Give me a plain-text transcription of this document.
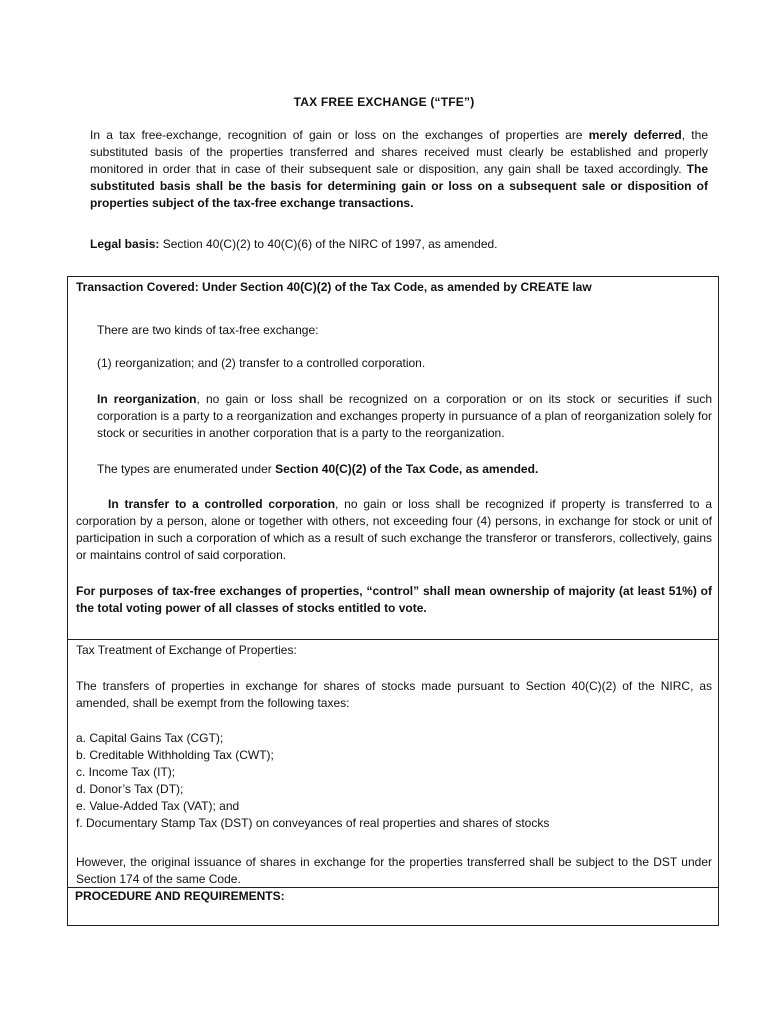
TAX FREE EXCHANGE (“TFE”)
In a tax free-exchange, recognition of gain or loss on the exchanges of properties are merely deferred, the substituted basis of the properties transferred and shares received must clearly be established and properly monitored in order that in case of their subsequent sale or disposition, any gain shall be taxed accordingly. The substituted basis shall be the basis for determining gain or loss on a subsequent sale or disposition of properties subject of the tax-free exchange transactions.
Legal basis: Section 40(C)(2) to 40(C)(6) of the NIRC of 1997, as amended.
Transaction Covered: Under Section 40(C)(2) of the Tax Code, as amended by CREATE law
There are two kinds of tax-free exchange:
(1) reorganization; and (2) transfer to a controlled corporation.
In reorganization, no gain or loss shall be recognized on a corporation or on its stock or securities if such corporation is a party to a reorganization and exchanges property in pursuance of a plan of reorganization solely for stock or securities in another corporation that is a party to the reorganization.
The types are enumerated under Section 40(C)(2) of the Tax Code, as amended.
In transfer to a controlled corporation, no gain or loss shall be recognized if property is transferred to a corporation by a person, alone or together with others, not exceeding four (4) persons, in exchange for stock or unit of participation in such a corporation of which as a result of such exchange the transferor or transferors, collectively, gains or maintains control of said corporation.
For purposes of tax-free exchanges of properties, “control” shall mean ownership of majority (at least 51%) of the total voting power of all classes of stocks entitled to vote.
Tax Treatment of Exchange of Properties:
The transfers of properties in exchange for shares of stocks made pursuant to Section 40(C)(2) of the NIRC, as amended, shall be exempt from the following taxes:
a. Capital Gains Tax (CGT);
b. Creditable Withholding Tax (CWT);
c. Income Tax (IT);
d. Donor’s Tax (DT);
e. Value-Added Tax (VAT); and
f. Documentary Stamp Tax (DST) on conveyances of real properties and shares of stocks
However, the original issuance of shares in exchange for the properties transferred shall be subject to the DST under Section 174 of the same Code.
PROCEDURE AND REQUIREMENTS:
